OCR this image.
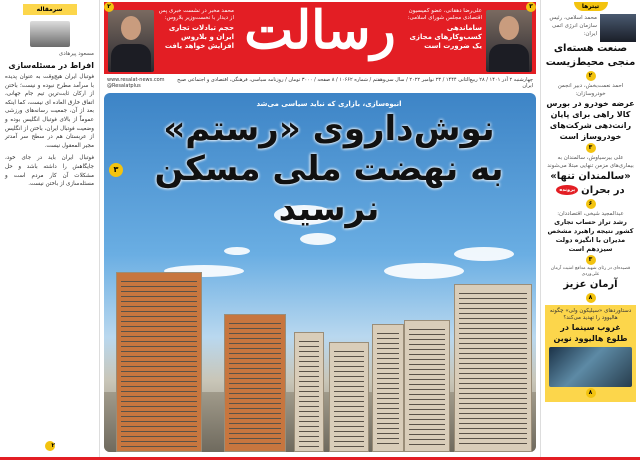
سرمقاله
مسعود پیرهادی
افراط در مسئله‌سازی

فوتبال ایران هیچ‌وقت به عنوان پدیده با سرآمد مطرح نبوده و نیست؛ باختن از ارکان ثابت‌ترین تیم جام جهانی، اتفاق خارق العاده ای نیست، کما اینکه بعد از آن، جمعیت رسانه‌های ورزشی عموماً از بالای فوتبال انگلیس بوده و وضعیت فوتبال ایران، باختن از انگلیس از عربستان هم در سطح سر آمدتر مجیر المعقول نیست.

فوتبال ایران باید در جای خود، جایگاهش را داشته باشد و حل مشکلات آن کار مردم است و مسئله‌سازی از باختن نیست.

۲
رسالت	علی‌رضا دهقانی، عضو کمیسیون اقتصادی مجلس شورای اسلامی:
ساماندهی کسب‌وکارهای مجازی یک ضرورت است
محمد مخبر در نشست خبری پس از دیدار با نخست‌وزیر بلاروس:
حجم تبادلات تجاری ایران و بلاروس افزایش خواهد یافت
۳
۲
چهارشنبه ۲ آذر ۱۴۰۱ / ۲۸ ربیع‌الثانی ۱۴۴۴ / ۲۳ نوامبر ۲۰۲۲ / سال سی‌وهفتم / شماره ۱۰۶۶۲ / ۸ صفحه / ۳۰۰۰ تومان / روزنامه سیاسی، فرهنگی، اقتصادی و اجتماعی صبح ایران
www.resalat-news.com
@Resalatplus
انبوه‌سازی، بازاری که نباید سیاسی می‌شد
نوش‌داروی «رستم»
به نهضت ملی مسکن نرسید
۳
تیترها
محمد اسلامی، رئیس سازمان انرژی اتمی ایران:
صنعت هسته‌ای منجی محیط‌زیست
۲
احمد نعمت‌بخش، دبیر انجمن خودروسازان:
عرضه خودرو در بورس کالا راهی برای پایان رانت‌دهی شرکت‌های خودروساز است
۳
علی بیرسیاوش، سالمندان به بیماری‌های مزمن تنهایی مبتلا می‌شوند
«سالمندان تنها»
در بحرانپرونده
۶
عبدالمجید شیخی، اقتصاددان:
رشد تراز حساب تجاری کشور نتیجه راهبرد مشخص مدیران با انگیزه دولت سیزدهم است
۳
قصیده‌ای در رثای شهید مدافع امنیت آرمان علی‌وردی
آرمان عزیز
۸
دستاوردهای «سیلیکون ولی» چگونه هالیوود را تهدید می‌کند؟
غروب سینما در طلوع هالیوود نوین
۸
